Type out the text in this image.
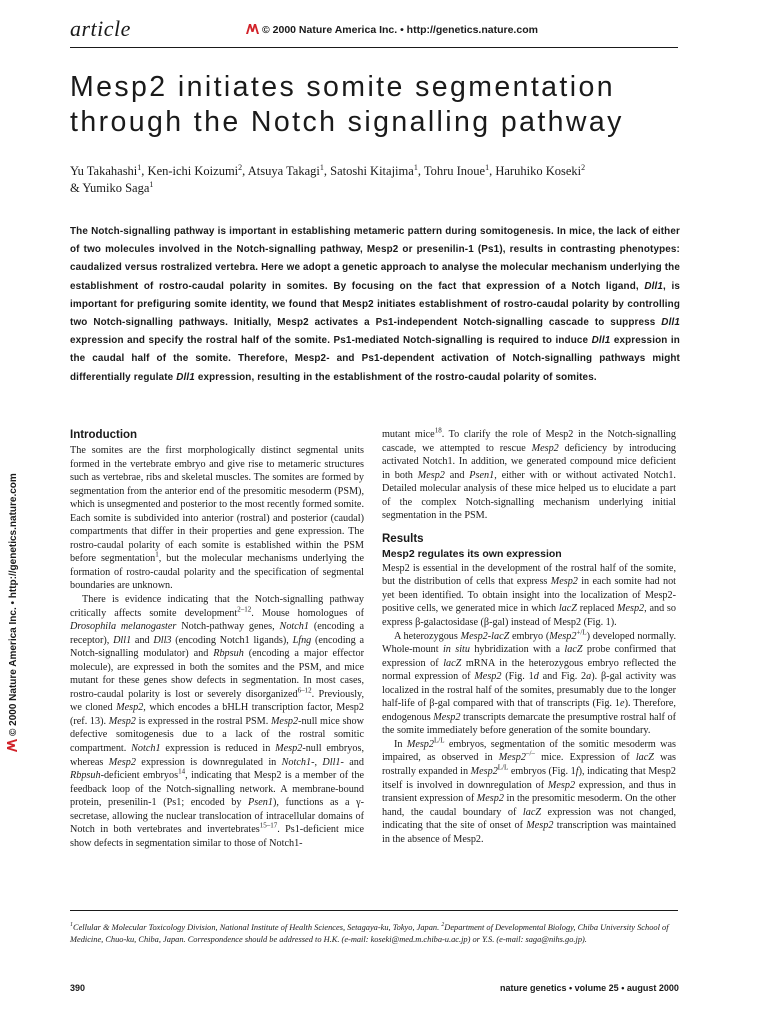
article	© 2000 Nature America Inc. • http://genetics.nature.com
Mesp2 initiates somite segmentation through the Notch signalling pathway
Yu Takahashi$^1$, Ken-ichi Koizumi$^2$, Atsuya Takagi$^1$, Satoshi Kitajima$^1$, Tohru Inoue$^1$, Haruhiko Koseki$^2$
& Yumiko Saga$^1$

The Notch-signalling pathway is important in establishing metameric pattern during somitogenesis. In mice, the lack of either of two molecules involved in the Notch-signalling pathway, Mesp2 or presenilin-1 (Ps1), results in contrasting phenotypes: caudalized versus rostralized vertebra. Here we adopt a genetic approach to analyse the molecular mechanism underlying the establishment of rostro-caudal polarity in somites. By focusing on the fact that expression of a Notch ligand, Dll1, is important for prefiguring somite identity, we found that Mesp2 initiates establishment of rostro-caudal polarity by controlling two Notch-signalling pathways. Initially, Mesp2 activates a Ps1-independent Notch-signalling cascade to suppress Dll1 expression and specify the rostral half of the somite. Ps1-mediated Notch-signalling is required to induce Dll1 expression in the caudal half of the somite. Therefore, Mesp2- and Ps1-dependent activation of Notch-signalling pathways might differentially regulate Dll1 expression, resulting in the establishment of the rostro-caudal polarity of somites.

© 2000 Nature America Inc. • http://genetics.nature.com
Introduction

The somites are the first morphologically distinct segmental units formed in the vertebrate embryo and give rise to metameric structures such as vertebrae, ribs and skeletal muscles. The somites are formed by segmentation from the anterior end of the presomitic mesoderm (PSM), which is unsegmented and posterior to the most recently formed somite. Each somite is subdivided into anterior (rostral) and posterior (caudal) compartments that differ in their properties and gene expression. The rostro-caudal polarity of each somite is established within the PSM before segmentation$^1$, but the molecular mechanisms underlying the formation of rostro-caudal polarity and the specification of segmental boundaries are unknown.

There is evidence indicating that the Notch-signalling pathway critically affects somite development$^{2-12}$. Mouse homologues of Drosophila melanogaster Notch-pathway genes, Notch1 (encoding a receptor), Dll1 and Dll3 (encoding Notch1 ligands), Lfng (encoding a Notch-signalling modulator) and Rbpsuh (encoding a major effector molecule), are expressed in both the somites and the PSM, and mice mutant for these genes show defects in segmentation. In most cases, rostro-caudal polarity is lost or severely disorganized$^{6-12}$. Previously, we cloned Mesp2, which encodes a bHLH transcription factor, Mesp2 (ref. 13). Mesp2 is expressed in the rostral PSM. Mesp2-null mice show defective somitogenesis due to a lack of the rostral somitic compartment. Notch1 expression is reduced in Mesp2-null embryos, whereas Mesp2 expression is downregulated in Notch1-, Dll1- and Rbpsuh-deficient embryos$^{14}$, indicating that Mesp2 is a member of the feedback loop of the Notch-signalling network. A membrane-bound protein, presenilin-1 (Ps1; encoded by Psen1), functions as a γ-secretase, allowing the nuclear translocation of intracellular domains of Notch in both vertebrates and invertebrates$^{15-17}$. Ps1-deficient mice show defects in segmentation similar to those of Notch1-

mutant mice$^{18}$. To clarify the role of Mesp2 in the Notch-signalling cascade, we attempted to rescue Mesp2 deficiency by introducing activated Notch1. In addition, we generated compound mice deficient in both Mesp2 and Psen1, either with or without activated Notch1. Detailed molecular analysis of these mice helped us to elucidate a part of the complex Notch-signalling mechanism underlying initial segmentation in the PSM.

Results
Mesp2 regulates its own expression

Mesp2 is essential in the development of the rostral half of the somite, but the distribution of cells that express Mesp2 in each somite had not yet been identified. To obtain insight into the localization of Mesp2-positive cells, we generated mice in which lacZ replaced Mesp2, and so express β-galactosidase (β-gal) instead of Mesp2 (Fig. 1).

A heterozygous Mesp2-lacZ embryo $(Mesp2^{+/L})$ developed normally. Whole-mount in situ hybridization with a lacZ probe confirmed that expression of lacZ mRNA in the heterozygous embryo reflected the normal expression of Mesp2 (Fig. 1d and Fig. 2a). β-gal activity was localized in the rostral half of the somites, presumably due to the longer half-life of β-gal compared with that of transcripts (Fig. 1e). Therefore, endogenous Mesp2 transcripts demarcate the presumptive rostral half of the somite immediately before generation of the somite boundary.

In $Mesp2^{L/L}$ embryos, segmentation of the somitic mesoderm was impaired, as observed in Mesp2–/– mice. Expression of lacZ was rostrally expanded in $Mesp2^{L/L}$ embryos (Fig. 1f), indicating that Mesp2 itself is involved in downregulation of Mesp2 expression, and thus in transient expression of Mesp2 in the presomitic mesoderm. On the other hand, the caudal boundary of lacZ expression was not changed, indicating that the site of onset of Mesp2 transcription was maintained in the absence of Mesp2.

$^1$Cellular & Molecular Toxicology Division, National Institute of Health Sciences, Setagaya-ku, Tokyo, Japan. $^2$Department of Developmental Biology, Chiba University School of Medicine, Chuo-ku, Chiba, Japan. Correspondence should be addressed to H.K. (e-mail: koseki@med.m.chiba-u.ac.jp) or Y.S. (e-mail: saga@nihs.go.jp).

390	nature genetics • volume 25 • august 2000
